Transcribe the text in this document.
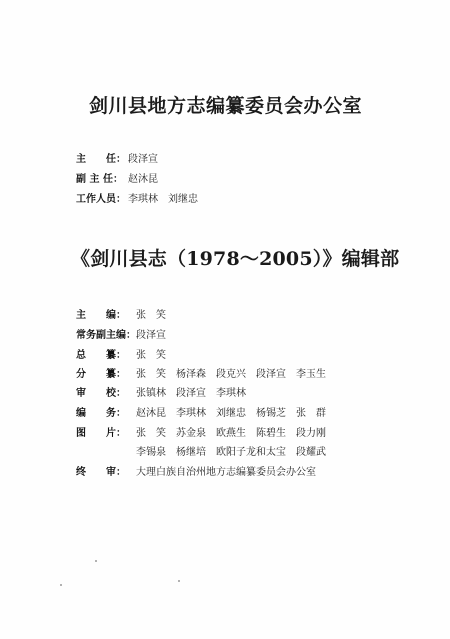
剑川县地方志编纂委员会办公室
主　　任： 段泽宣
副 主 任： 赵沐昆
工作人员： 李琪林　刘继忠
《剑川县志（1978～2005）》编辑部
主　　编： 张　笑
常务副主编：段泽宣
总　　纂： 张　笑
分　　纂： 张　笑 杨泽森 段克兴 段泽宣 李玉生
审　　校： 张镇林 段泽宣 李琪林
编　　务： 赵沐昆 李琪林 刘继忠 杨锡芝 张　群
图　　片： 张　笑 苏金泉 欧燕生 陈碧生 段力刚
李锡泉 杨继培 欧阳子龙和太宝 段耀武
终　　审： 大理白族自治州地方志编纂委员会办公室
